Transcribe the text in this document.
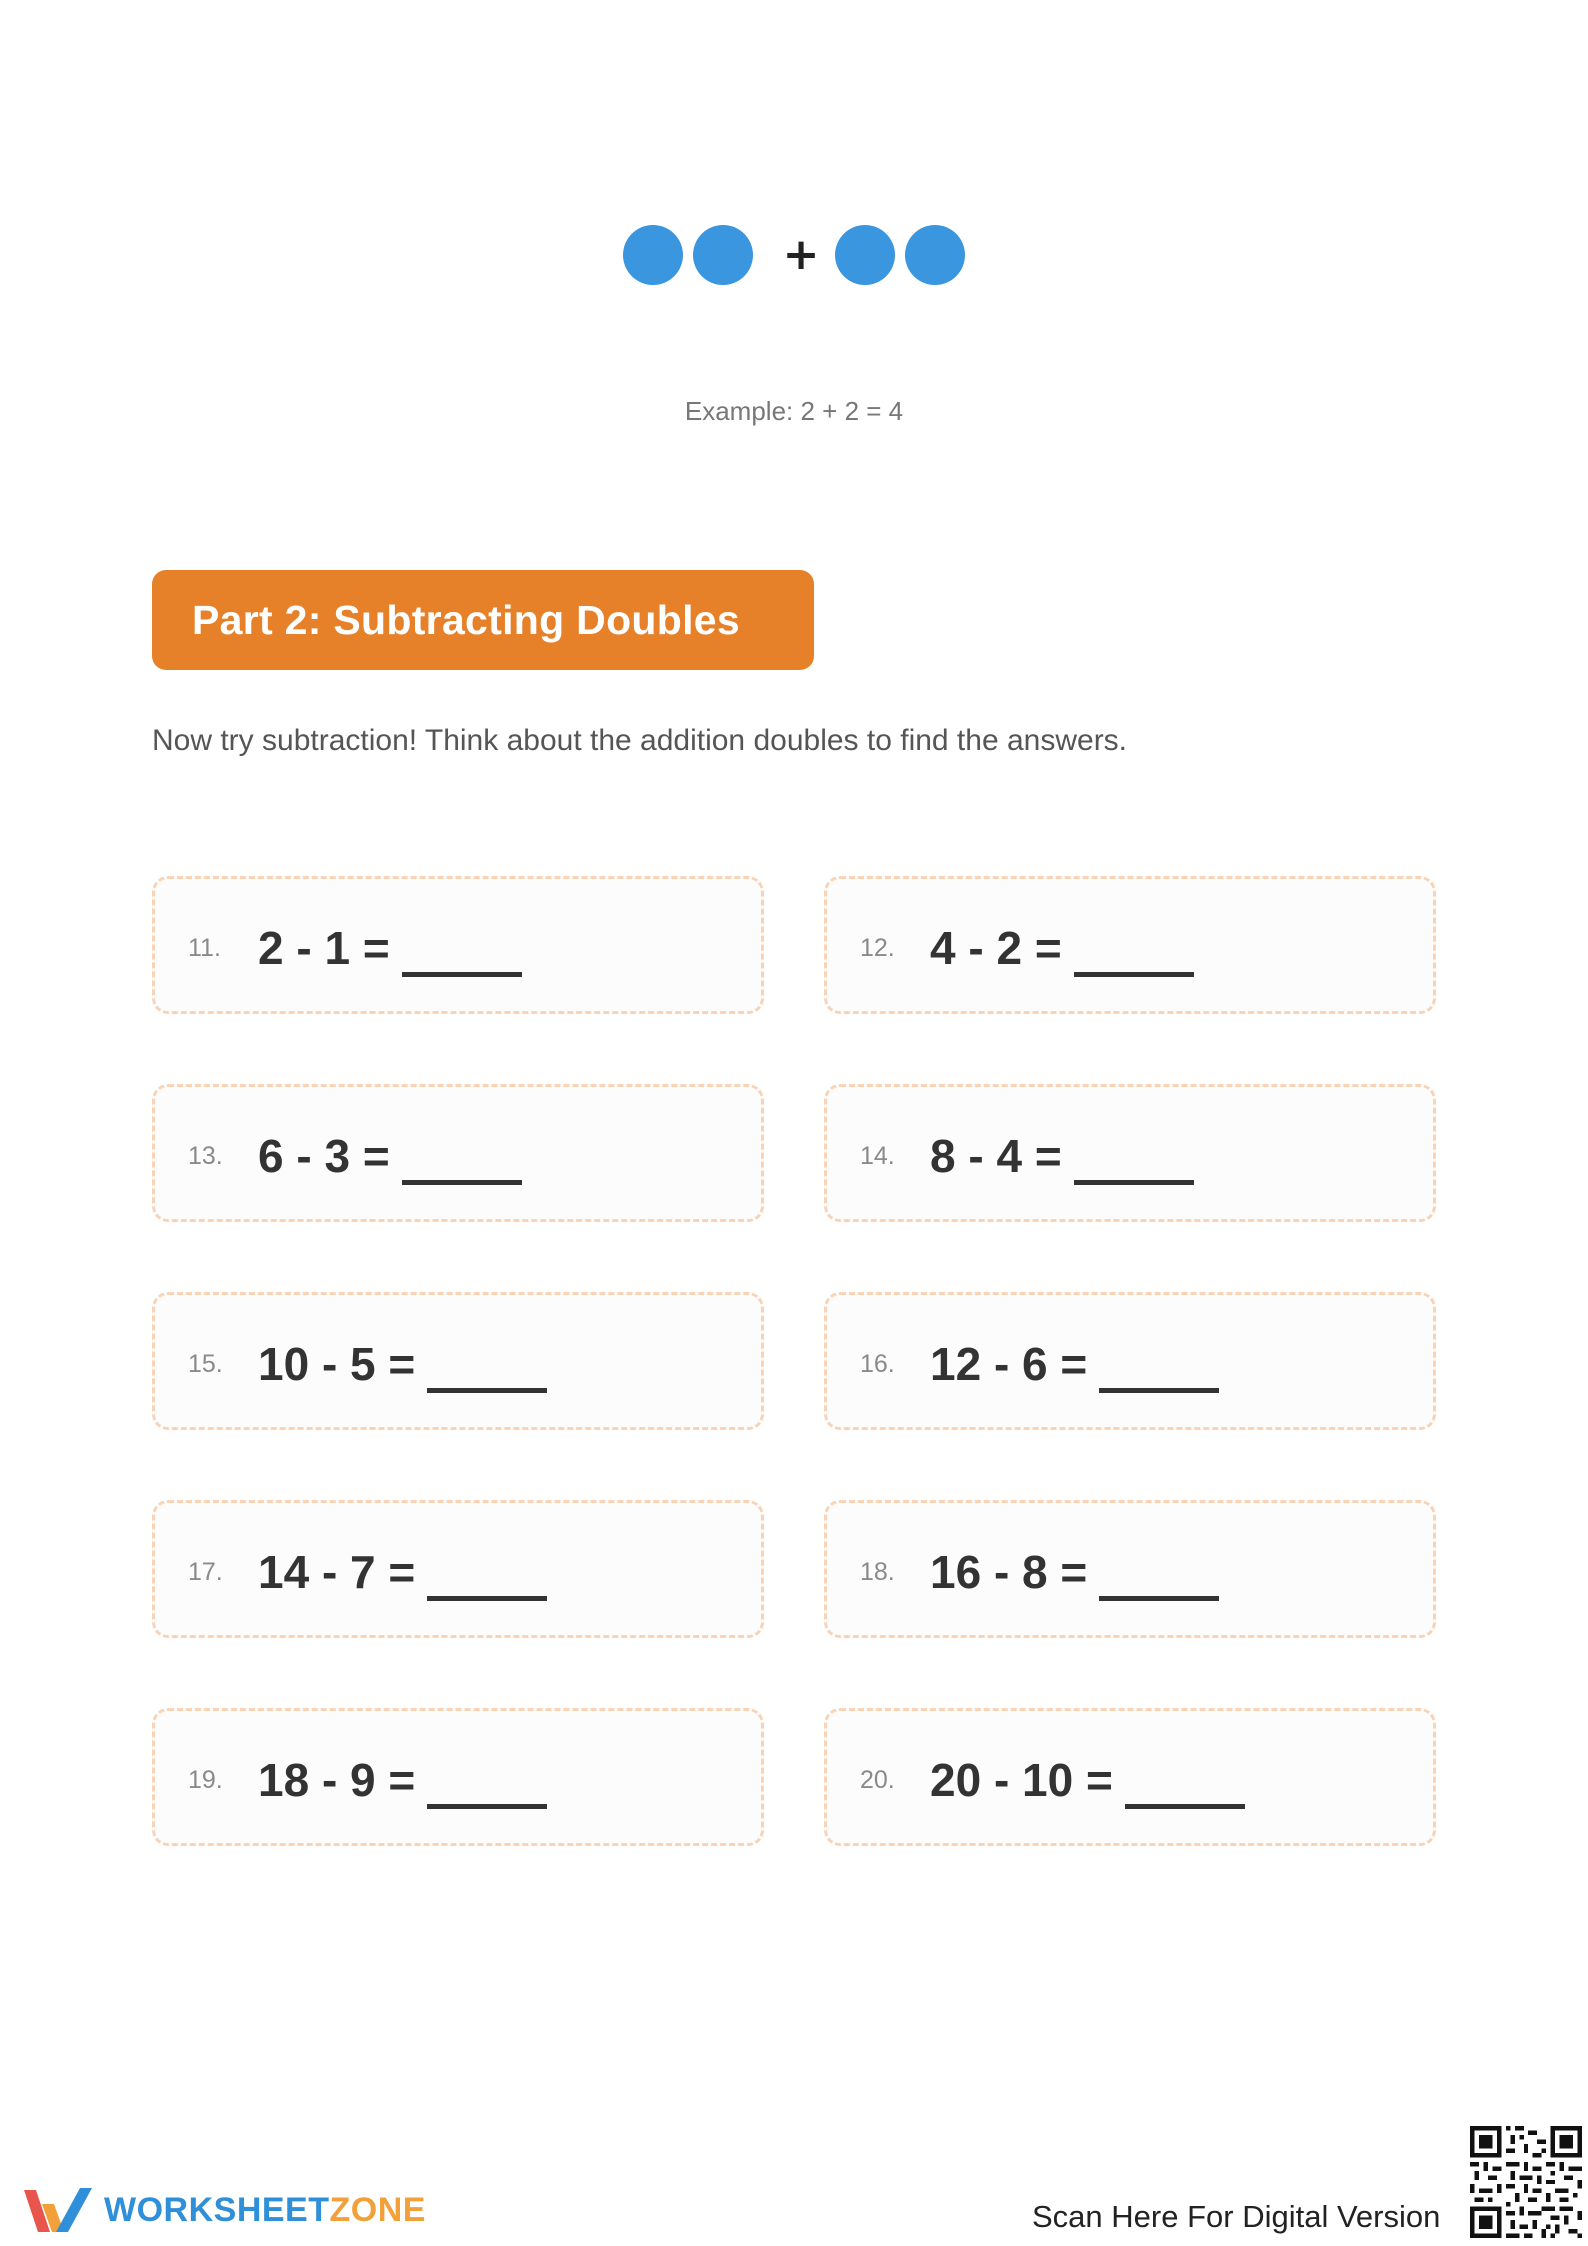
+
Example: 2 + 2 = 4
Part 2: Subtracting Doubles
Now try subtraction! Think about the addition doubles to find the answers.
11. 2 - 1 =	12. 4 - 2 =
13. 6 - 3 =	14. 8 - 4 =
15. 10 - 5 =	16. 12 - 6 =
17. 14 - 7 =	18. 16 - 8 =
19. 18 - 9 =	20. 20 - 10 =
WORKSHEETZONE	Scan Here For Digital Version
